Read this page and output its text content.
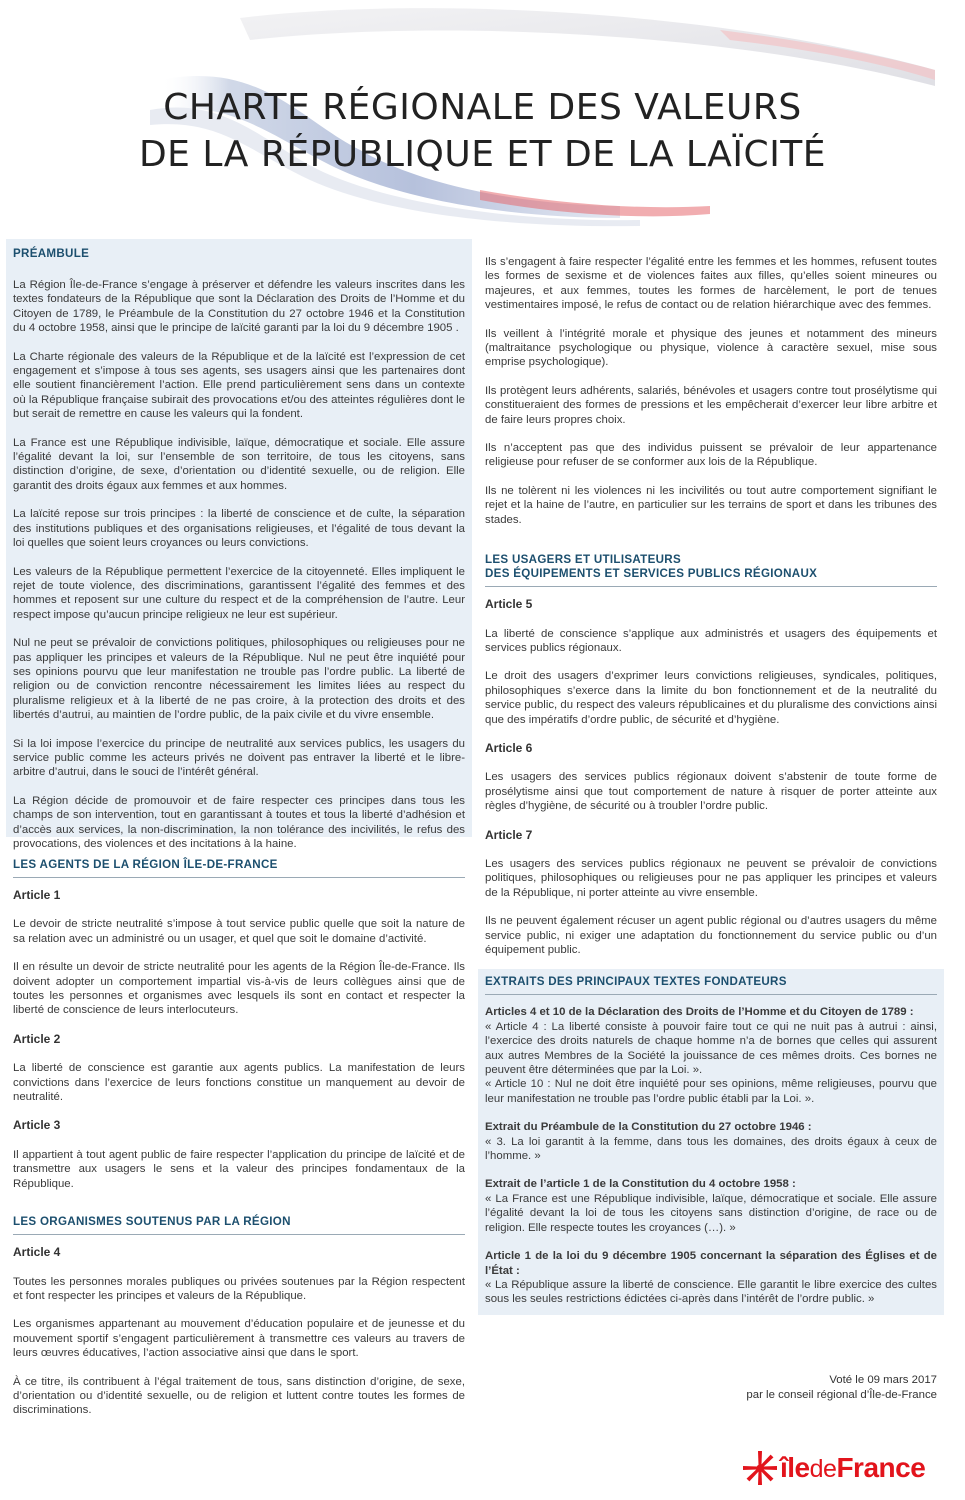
CHARTE RÉGIONALE DES VALEURS
DE LA RÉPUBLIQUE ET DE LA LAÏCITÉ
PRÉAMBULE

La Région Île-de-France s’engage à préserver et défendre les valeurs inscrites dans les textes fondateurs de la République que sont la Déclaration des Droits de l’Homme et du Citoyen de 1789, le Préambule de la Constitution du 27 octobre 1946 et la Constitution du 4 octobre 1958, ainsi que le principe de laïcité garanti par la loi du 9 décembre 1905 .

La Charte régionale des valeurs de la République et de la laïcité est l’expression de cet engagement et s’impose à tous ses agents, ses usagers ainsi que les partenaires dont elle soutient financièrement l’action. Elle prend particulièrement sens dans un contexte où la République française subirait des provocations et/ou des atteintes régulières dont le but serait de remettre en cause les valeurs qui la fondent.

La France est une République indivisible, laïque, démocratique et sociale. Elle assure l’égalité devant la loi, sur l’ensemble de son territoire, de tous les citoyens, sans distinction d’origine, de sexe, d’orientation ou d’identité sexuelle, ou de religion. Elle garantit des droits égaux aux femmes et aux hommes.

La laïcité repose sur trois principes : la liberté de conscience et de culte, la séparation des institutions publiques et des organisations religieuses, et l’égalité de tous devant la loi quelles que soient leurs croyances ou leurs convictions.

Les valeurs de la République permettent l’exercice de la citoyenneté. Elles impliquent le rejet de toute violence, des discriminations, garantissent l’égalité des femmes et des hommes et reposent sur une culture du respect et de la compréhension de l’autre. Leur respect impose qu’aucun principe religieux ne leur est supérieur.

Nul ne peut se prévaloir de convictions politiques, philosophiques ou religieuses pour ne pas appliquer les principes et valeurs de la République. Nul ne peut être inquiété pour ses opinions pourvu que leur manifestation ne trouble pas l’ordre public. La liberté de religion ou de conviction rencontre nécessairement les limites liées au respect du pluralisme religieux et à la liberté de ne pas croire, à la protection des droits et des libertés d’autrui, au maintien de l’ordre public, de la paix civile et du vivre ensemble.

Si la loi impose l’exercice du principe de neutralité aux services publics, les usagers du service public comme les acteurs privés ne doivent pas entraver la liberté et le libre-arbitre d’autrui, dans le souci de l’intérêt général.

La Région décide de promouvoir et de faire respecter ces principes dans tous les champs de son intervention, tout en garantissant à toutes et tous la liberté d’adhésion et d’accès aux services, la non-discrimination, la non tolérance des incivilités, le refus des provocations, des violences et des incitations à la haine.

LES AGENTS DE LA RÉGION ÎLE-DE-FRANCE
Article 1

Le devoir de stricte neutralité s’impose à tout service public quelle que soit la nature de sa relation avec un administré ou un usager, et quel que soit le domaine d’activité.

Il en résulte un devoir de stricte neutralité pour les agents de la Région Île-de-France. Ils doivent adopter un comportement impartial vis-à-vis de leurs collègues ainsi que de toutes les personnes et organismes avec lesquels ils sont en contact et respecter la liberté de conscience de leurs interlocuteurs.

Article 2

La liberté de conscience est garantie aux agents publics. La manifestation de leurs convictions dans l’exercice de leurs fonctions constitue un manquement au devoir de neutralité.

Article 3

Il appartient à tout agent public de faire respecter l’application du principe de laïcité et de transmettre aux usagers le sens et la valeur des principes fondamentaux de la République.

LES ORGANISMES SOUTENUS PAR LA RÉGION
Article 4

Toutes les personnes morales publiques ou privées soutenues par la Région respectent et font respecter les principes et valeurs de la République.

Les organismes appartenant au mouvement d’éducation populaire et de jeunesse et du mouvement sportif s’engagent particulièrement à transmettre ces valeurs au travers de leurs œuvres éducatives, l’action associative ainsi que dans le sport.

À ce titre, ils contribuent à l’égal traitement de tous, sans distinction d’origine, de sexe, d’orientation ou d’identité sexuelle, ou de religion et luttent contre toutes les formes de discriminations.

Ils s’engagent à faire respecter l’égalité entre les femmes et les hommes, refusent toutes les formes de sexisme et de violences faites aux filles, qu’elles soient mineures ou majeures, et aux femmes, toutes les formes de harcèlement, le port de tenues vestimentaires imposé, le refus de contact ou de relation hiérarchique avec des femmes.

Ils veillent à l’intégrité morale et physique des jeunes et notamment des mineurs (maltraitance psychologique ou physique, violence à caractère sexuel, mise sous emprise psychologique).

Ils protègent leurs adhérents, salariés, bénévoles et usagers contre tout prosélytisme qui constitueraient des formes de pressions et les empêcherait d’exercer leur libre arbitre et de faire leurs propres choix.

Ils n’acceptent pas que des individus puissent se prévaloir de leur appartenance religieuse pour refuser de se conformer aux lois de la République.

Ils ne tolèrent ni les violences ni les incivilités ou tout autre comportement signifiant le rejet et la haine de l’autre, en particulier sur les terrains de sport et dans les tribunes des stades.

LES USAGERS ET UTILISATEURS
DES ÉQUIPEMENTS ET SERVICES PUBLICS RÉGIONAUX
Article 5

La liberté de conscience s’applique aux administrés et usagers des équipements et services publics régionaux.

Le droit des usagers d’exprimer leurs convictions religieuses, syndicales, politiques, philosophiques s’exerce dans la limite du bon fonctionnement et de la neutralité du service public, du respect des valeurs républicaines et du pluralisme des convictions ainsi que des impératifs d’ordre public, de sécurité et d’hygiène.

Article 6

Les usagers des services publics régionaux doivent s’abstenir de toute forme de prosélytisme ainsi que tout comportement de nature à risquer de porter atteinte aux règles d’hygiène, de sécurité ou à troubler l’ordre public.

Article 7

Les usagers des services publics régionaux ne peuvent se prévaloir de convictions politiques, philosophiques ou religieuses pour ne pas appliquer les principes et valeurs de la République, ni porter atteinte au vivre ensemble.

Ils ne peuvent également récuser un agent public régional ou d’autres usagers du même service public, ni exiger une adaptation du fonctionnement du service public ou d’un équipement public.

EXTRAITS DES PRINCIPAUX TEXTES FONDATEURS

Articles 4 et 10 de la Déclaration des Droits de l’Homme et du Citoyen de 1789 :

« Article 4 : La liberté consiste à pouvoir faire tout ce qui ne nuit pas à autrui : ainsi, l’exercice des droits naturels de chaque homme n’a de bornes que celles qui assurent aux autres Membres de la Société la jouissance de ces mêmes droits. Ces bornes ne peuvent être déterminées que par la Loi. ».

« Article 10 : Nul ne doit être inquiété pour ses opinions, même religieuses, pourvu que leur manifestation ne trouble pas l’ordre public établi par la Loi. ».

Extrait du Préambule de la Constitution du 27 octobre 1946 :

« 3. La loi garantit à la femme, dans tous les domaines, des droits égaux à ceux de l’homme. »

Extrait de l’article 1 de la Constitution du 4 octobre 1958 :

« La France est une République indivisible, laïque, démocratique et sociale. Elle assure l’égalité devant la loi de tous les citoyens sans distinction d’origine, de race ou de religion. Elle respecte toutes les croyances (…). »

Article 1 de la loi du 9 décembre 1905 concernant la séparation des Églises et de l’État :

« La République assure la liberté de conscience. Elle garantit le libre exercice des cultes sous les seules restrictions édictées ci-après dans l’intérêt de l’ordre public. »

Voté le 09 mars 2017
par le conseil régional d’Île-de-France
îledeFrance
